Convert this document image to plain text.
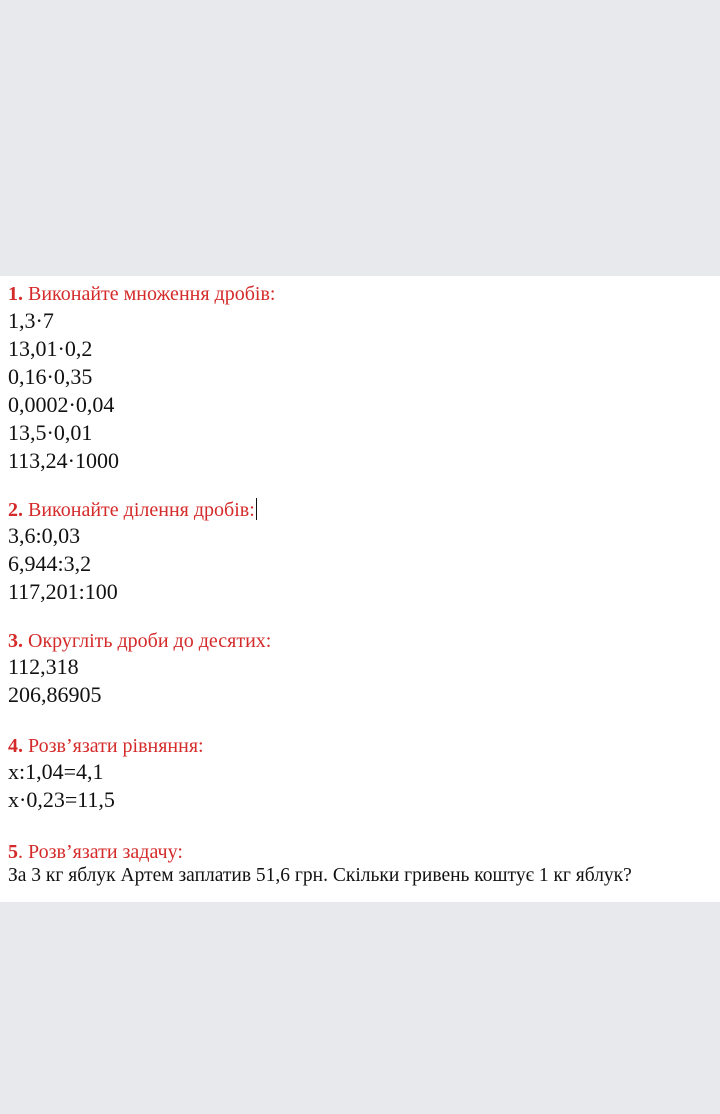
1. Виконайте множення дробів:
1,3·7
13,01·0,2
0,16·0,35
0,0002·0,04
13,5·0,01
113,24·1000
2. Виконайте ділення дробів:
3,6:0,03
6,944:3,2
117,201:100
3. Округліть дроби до десятих:
112,318
206,86905
4. Розв’язати рівняння:
x:1,04=4,1
x·0,23=11,5
5. Розв’язати задачу:
За 3 кг яблук Артем заплатив 51,6 грн. Скільки гривень коштує 1 кг яблук?
